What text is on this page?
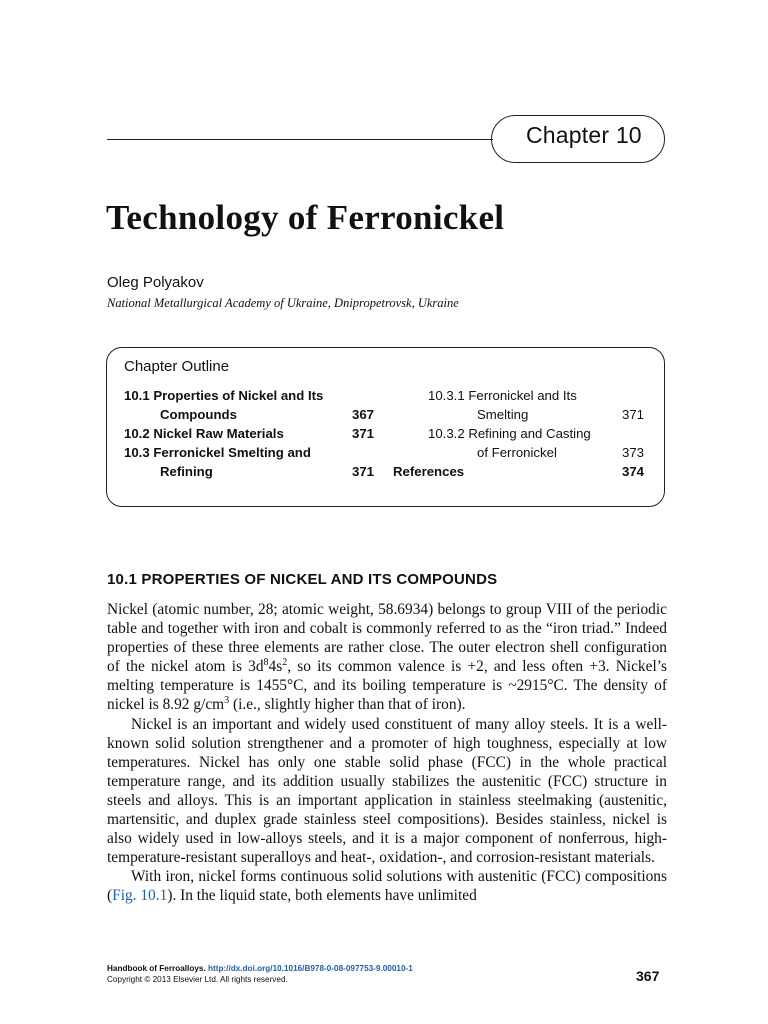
Chapter 10
Technology of Ferronickel
Oleg Polyakov
National Metallurgical Academy of Ukraine, Dnipropetrovsk, Ukraine
Chapter Outline
10.1 Properties of Nickel and Its
Compounds	367
10.2 Nickel Raw Materials	371
10.3 Ferronickel Smelting and
Refining	371
10.3.1 Ferronickel and Its
Smelting	371
10.3.2 Refining and Casting
of Ferronickel	373
References	374
10.1 PROPERTIES OF NICKEL AND ITS COMPOUNDS

Nickel (atomic number, 28; atomic weight, 58.6934) belongs to group VIII of the periodic table and together with iron and cobalt is commonly referred to as the “iron triad.” Indeed properties of these three elements are rather close. The outer electron shell configuration of the nickel atom is $3d^84s^2$, so its common valence is +2, and less often +3. Nickel’s melting temperature is 1455°C, and its boiling temperature is ~2915°C. The density of nickel is 8.92 $g/cm^3$ (i.e., slightly higher than that of iron).

Nickel is an important and widely used constituent of many alloy steels. It is a well-known solid solution strengthener and a promoter of high toughness, especially at low temperatures. Nickel has only one stable solid phase (FCC) in the whole practical temperature range, and its addition usually stabilizes the austenitic (FCC) structure in steels and alloys. This is an important application in stainless steelmaking (austenitic, martensitic, and duplex grade stainless steel compositions). Besides stainless, nickel is also widely used in low-alloys steels, and it is a major component of nonferrous, high-temperature-resistant superalloys and heat-, oxidation-, and corrosion-resistant materials.

With iron, nickel forms continuous solid solutions with austenitic (FCC) compositions (Fig. 10.1). In the liquid state, both elements have unlimited

Handbook of Ferroalloys. http://dx.doi.org/10.1016/B978-0-08-097753-9.00010-1
Copyright © 2013 Elsevier Ltd. All rights reserved.	367
